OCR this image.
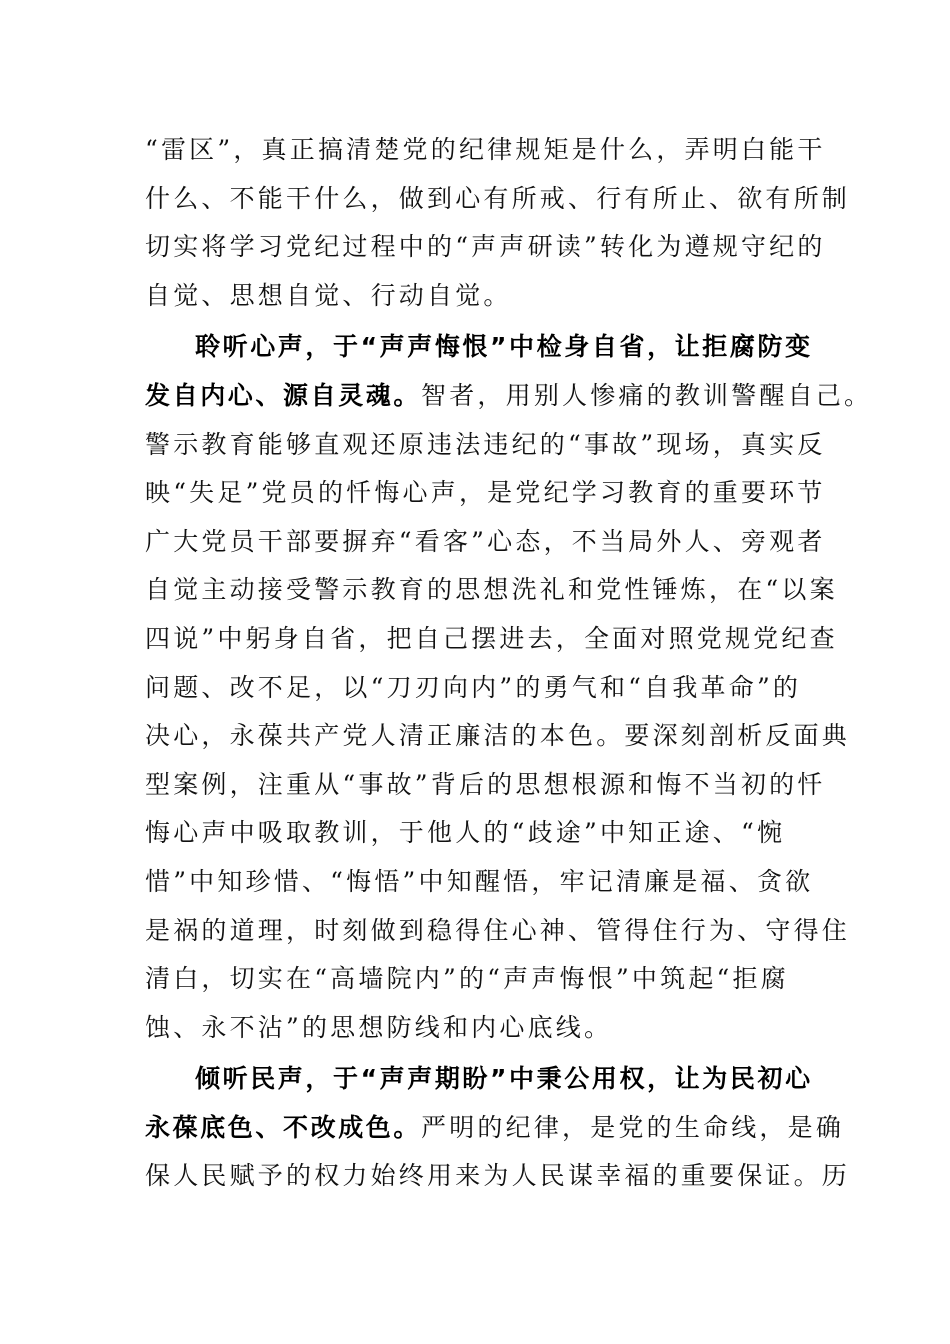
“雷区”，真正搞清楚党的纪律规矩是什么，弄明白能干
什么、不能干什么，做到心有所戒、行有所止、欲有所制
切实将学习党纪过程中的“声声研读”转化为遵规守纪的
自觉、思想自觉、行动自觉。
聆听心声，于“声声悔恨”中检身自省，让拒腐防变
发自内心、源自灵魂。智者，用别人惨痛的教训警醒自己。
警示教育能够直观还原违法违纪的“事故”现场，真实反
映“失足”党员的忏悔心声，是党纪学习教育的重要环节
广大党员干部要摒弃“看客”心态，不当局外人、旁观者
自觉主动接受警示教育的思想洗礼和党性锤炼，在“以案
四说”中躬身自省，把自己摆进去，全面对照党规党纪查
问题、改不足，以“刀刃向内”的勇气和“自我革命”的
决心，永葆共产党人清正廉洁的本色。要深刻剖析反面典
型案例，注重从“事故”背后的思想根源和悔不当初的忏
悔心声中吸取教训，于他人的“歧途”中知正途、“惋
惜”中知珍惜、“悔悟”中知醒悟，牢记清廉是福、贪欲
是祸的道理，时刻做到稳得住心神、管得住行为、守得住
清白，切实在“高墙院内”的“声声悔恨”中筑起“拒腐
蚀、永不沾”的思想防线和内心底线。
倾听民声，于“声声期盼”中秉公用权，让为民初心
永葆底色、不改成色。严明的纪律，是党的生命线，是确
保人民赋予的权力始终用来为人民谋幸福的重要保证。历
